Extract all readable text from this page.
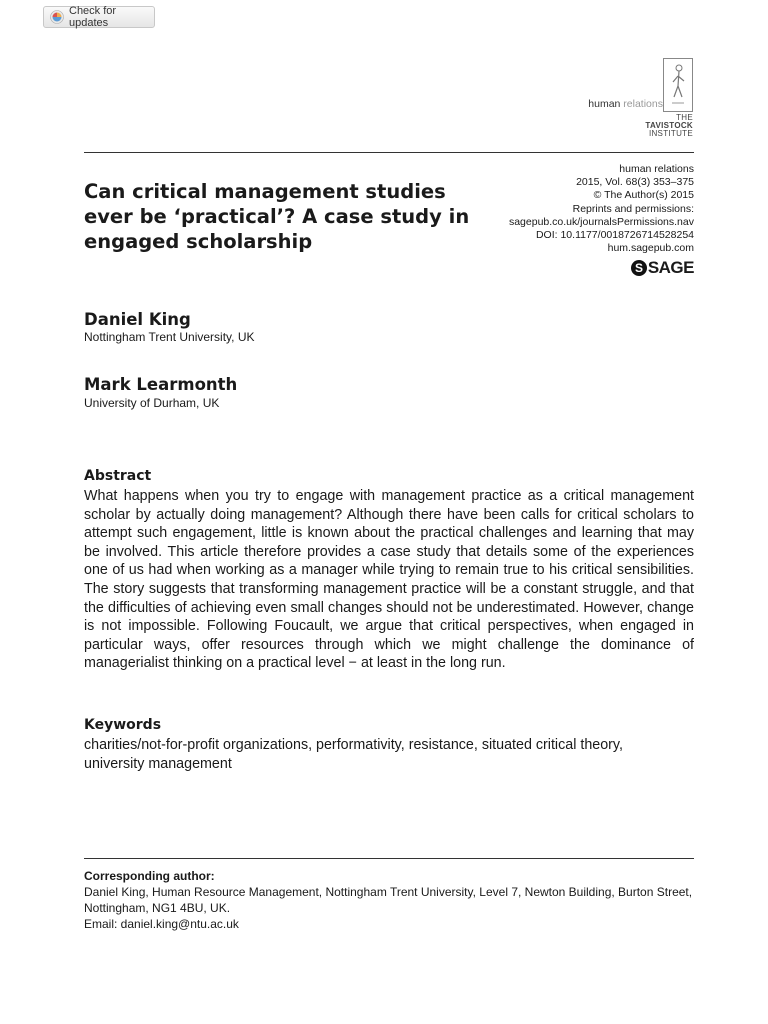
Check for updates
human relations
THE
TAVISTOCK
INSTITUTE
Can critical management studies ever be ‘practical’? A case study in engaged scholarship
human relations
2015, Vol. 68(3) 353–375
© The Author(s) 2015
Reprints and permissions:
sagepub.co.uk/journalsPermissions.nav
DOI: 10.1177/0018726714528254
hum.sagepub.com
S SAGE
Daniel King
Nottingham Trent University, UK
Mark Learmonth
University of Durham, UK
Abstract

What happens when you try to engage with management practice as a critical management scholar by actually doing management? Although there have been calls for critical scholars to attempt such engagement, little is known about the practical challenges and learning that may be involved. This article therefore provides a case study that details some of the experiences one of us had when working as a manager while trying to remain true to his critical sensibilities. The story suggests that transforming management practice will be a constant struggle, and that the difficulties of achieving even small changes should not be underestimated. However, change is not impossible. Following Foucault, we argue that critical perspectives, when engaged in particular ways, offer resources through which we might challenge the dominance of managerialist thinking on a practical level − at least in the long run.

Keywords

charities/not-for-profit organizations, performativity, resistance, situated critical theory, university management

Corresponding author:

Daniel King, Human Resource Management, Nottingham Trent University, Level 7, Newton Building, Burton Street, Nottingham, NG1 4BU, UK.
Email: daniel.king@ntu.ac.uk
